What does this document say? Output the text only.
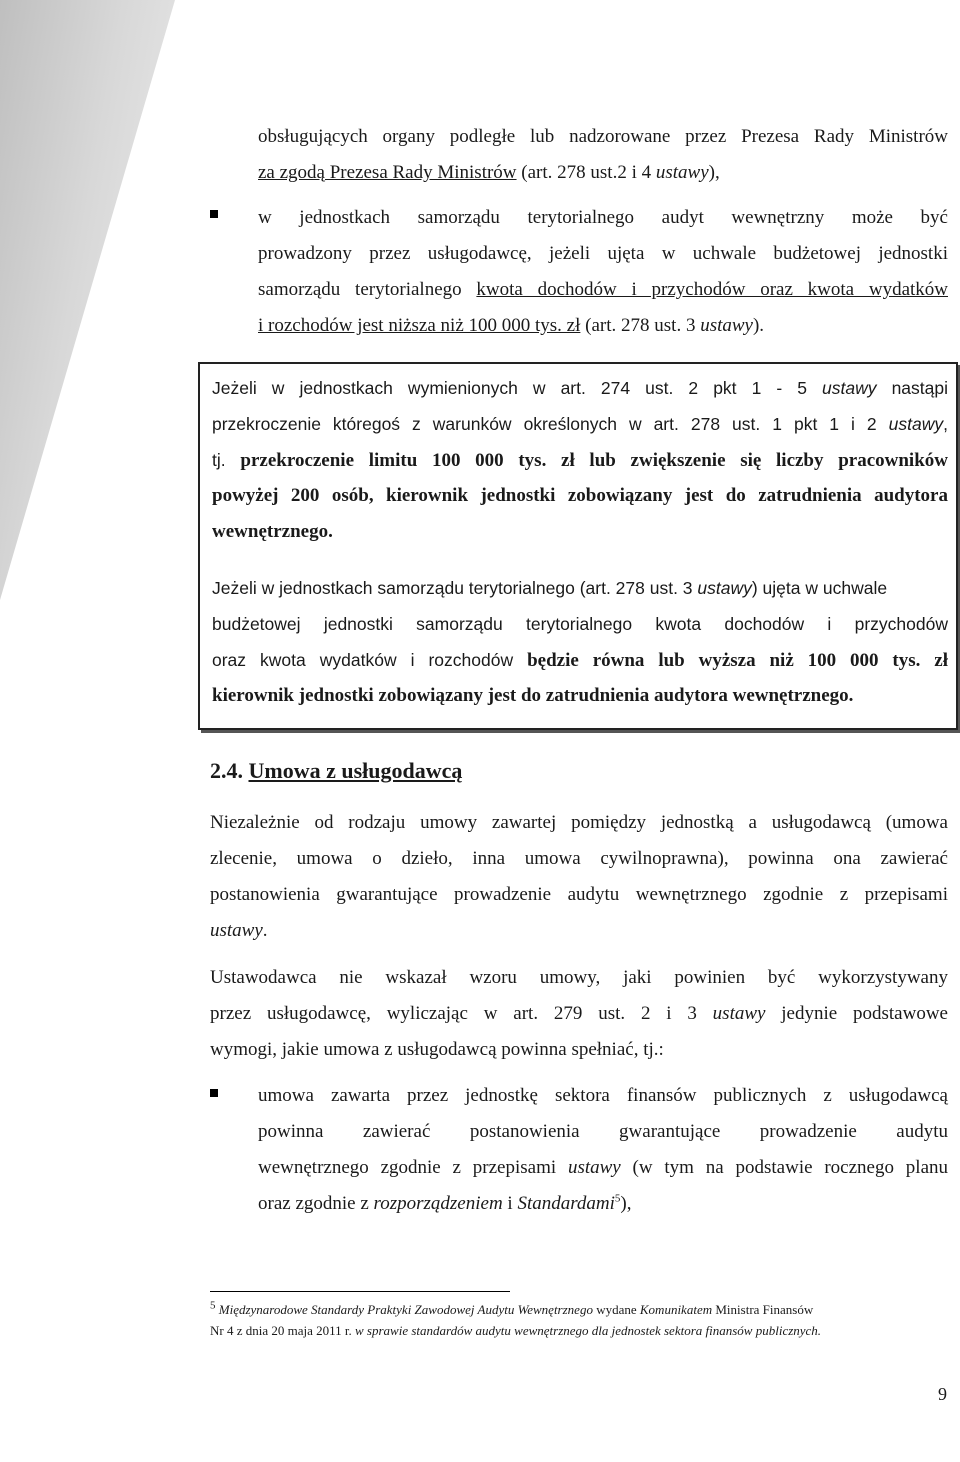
obsługujących organy podległe lub nadzorowane przez Prezesa Rady Ministrów
za zgodą Prezesa Rady Ministrów (art. 278 ust.2 i 4 ustawy),
w jednostkach samorządu terytorialnego audyt wewnętrzny może być
prowadzony przez usługodawcę, jeżeli ujęta w uchwale budżetowej jednostki
samorządu terytorialnego kwota dochodów i przychodów oraz kwota wydatków
i rozchodów jest niższa niż 100 000 tys. zł (art. 278 ust. 3 ustawy).
Jeżeli w jednostkach wymienionych w art. 274 ust. 2 pkt 1 - 5 ustawy nastąpi
przekroczenie któregoś z warunków określonych w art. 278 ust. 1 pkt 1 i 2 ustawy,
tj. przekroczenie limitu 100 000 tys. zł lub zwiększenie się liczby pracowników
powyżej 200 osób, kierownik jednostki zobowiązany jest do zatrudnienia audytora
wewnętrznego.
Jeżeli w jednostkach samorządu terytorialnego (art. 278 ust. 3 ustawy) ujęta w uchwale
budżetowej jednostki samorządu terytorialnego kwota dochodów i przychodów
oraz kwota wydatków i rozchodów będzie równa lub wyższa niż 100 000 tys. zł
kierownik jednostki zobowiązany jest do zatrudnienia audytora wewnętrznego.
2.4. Umowa z usługodawcą
Niezależnie od rodzaju umowy zawartej pomiędzy jednostką a usługodawcą (umowa
zlecenie, umowa o dzieło, inna umowa cywilnoprawna), powinna ona zawierać
postanowienia gwarantujące prowadzenie audytu wewnętrznego zgodnie z przepisami
ustawy.
Ustawodawca nie wskazał wzoru umowy, jaki powinien być wykorzystywany
przez usługodawcę, wyliczając w art. 279 ust. 2 i 3 ustawy jedynie podstawowe
wymogi, jakie umowa z usługodawcą powinna spełniać, tj.:
umowa zawarta przez jednostkę sektora finansów publicznych z usługodawcą
powinna zawierać postanowienia gwarantujące prowadzenie audytu
wewnętrznego zgodnie z przepisami ustawy (w tym na podstawie rocznego planu
oraz zgodnie z rozporządzeniem i Standardami$^5$),
$^5$ Międzynarodowe Standardy Praktyki Zawodowej Audytu Wewnętrznego wydane Komunikatem Ministra Finansów
Nr 4 z dnia 20 maja 2011 r. w sprawie standardów audytu wewnętrznego dla jednostek sektora finansów publicznych.
9
